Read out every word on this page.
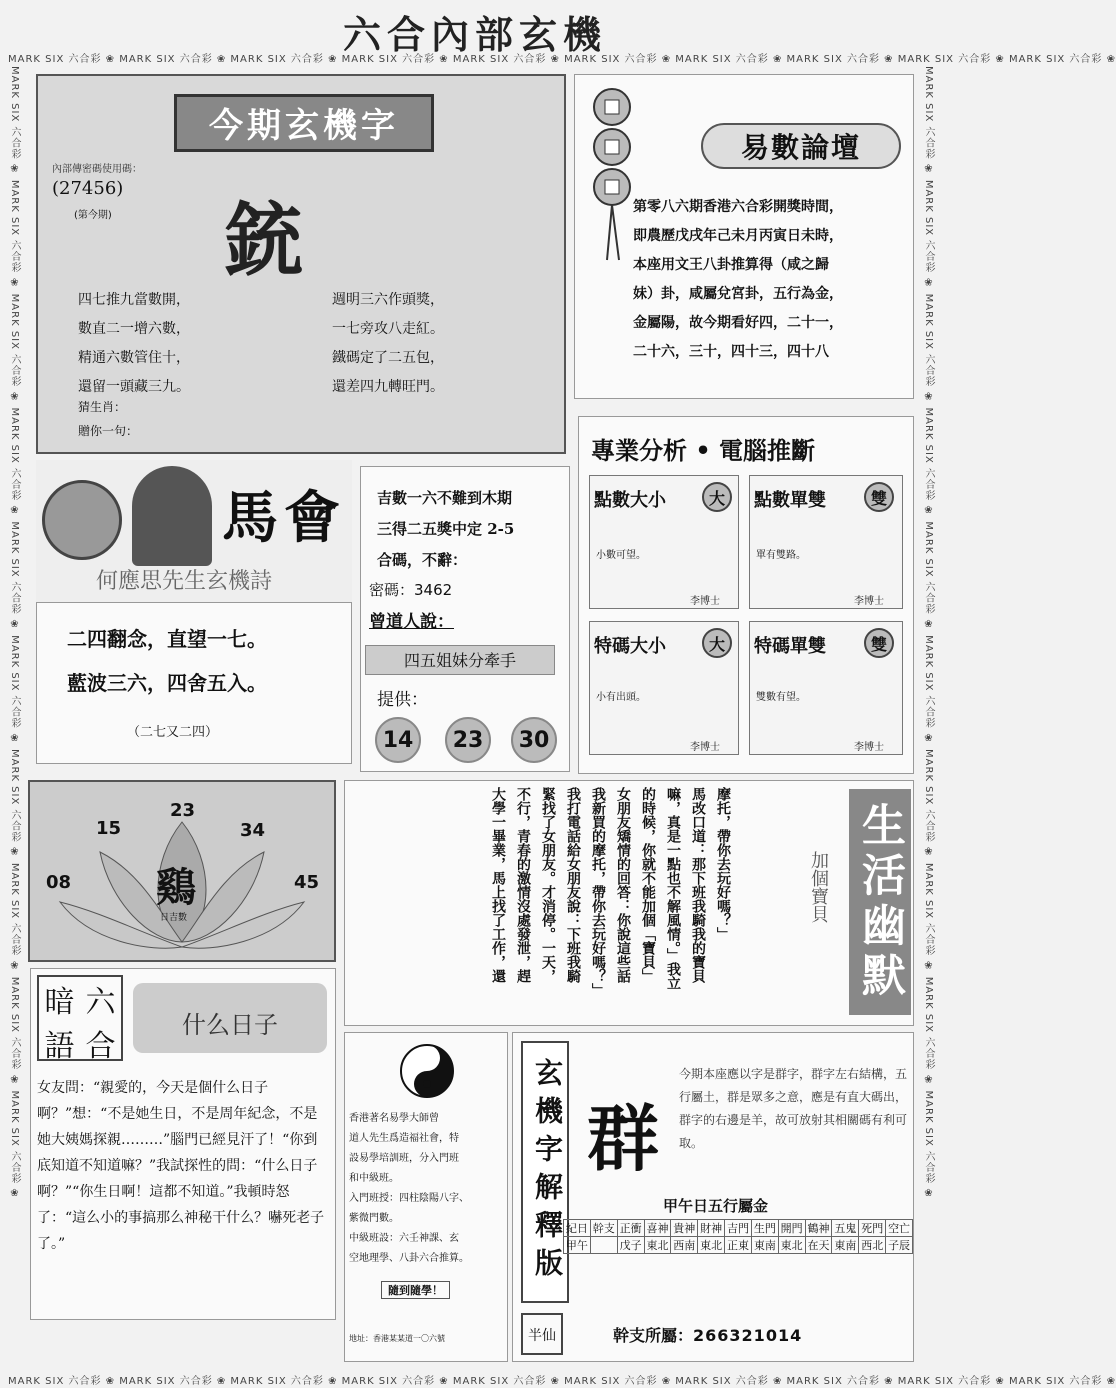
MARK SIX 六合彩 ❀ MARK SIX 六合彩 ❀ MARK SIX 六合彩 ❀ MARK SIX 六合彩 ❀ MARK SIX 六合彩 ❀ MARK SIX 六合彩 ❀ MARK SIX 六合彩 ❀ MARK SIX 六合彩 ❀ MARK SIX 六合彩 ❀ MARK SIX 六合彩 ❀
MARK SIX 六合彩 ❀ MARK SIX 六合彩 ❀ MARK SIX 六合彩 ❀ MARK SIX 六合彩 ❀ MARK SIX 六合彩 ❀ MARK SIX 六合彩 ❀ MARK SIX 六合彩 ❀ MARK SIX 六合彩 ❀ MARK SIX 六合彩 ❀ MARK SIX 六合彩 ❀
MARK SIX 六合彩 ❀ MARK SIX 六合彩 ❀ MARK SIX 六合彩 ❀ MARK SIX 六合彩 ❀ MARK SIX 六合彩 ❀ MARK SIX 六合彩 ❀ MARK SIX 六合彩 ❀ MARK SIX 六合彩 ❀ MARK SIX 六合彩 ❀ MARK SIX 六合彩 ❀	MARK SIX 六合彩 ❀ MARK SIX 六合彩 ❀ MARK SIX 六合彩 ❀ MARK SIX 六合彩 ❀ MARK SIX 六合彩 ❀ MARK SIX 六合彩 ❀ MARK SIX 六合彩 ❀ MARK SIX 六合彩 ❀ MARK SIX 六合彩 ❀ MARK SIX 六合彩 ❀
六合內部玄機
今期玄機字
內部傳密碼使用碼：
(27456)
(第今期) 銃
四七推九當數開，
數直二一增六數，
精通六數管住十，
還留一頭藏三九。
週明三六作頭獎，
一七旁攻八走紅。
鐵碼定了二五包，
還差四九轉旺門。
猜生肖：
贈你一句：
易數論壇
第零八六期香港六合彩開獎時間，
即農歷戊戌年己未月丙寅日未時，
本座用文王八卦推算得（咸之歸
妹）卦，咸屬兌宮卦，五行為金，
金屬陽，故今期看好四，二十一，
二十六，三十，四十三，四十八
馬會
何應思先生玄機詩
二四翻念，直望一七。
藍波三六，四舍五入。
（二七又二四）
吉數一六不難到木期
三得二五獎中定 2-5
合碼，不辭：
密碼：3462
曾道人說：
四五姐妹分牽手
提供：
14	23	30
專業分析 • 電腦推斷
點數大小	大
小數可望。
李博士
點數單雙	雙
單有雙路。
李博士
特碼大小	大
小有出頭。
李博士
特碼單雙	雙
雙數有望。
李博士
鷄
日吉數
08
15
23
34
45	摩托，帶你去玩好嗎？」
馬改口道：那下班我騎我的寶貝
嘛，真是一點也不解風情。」我立
的時候，你就不能加個「寶貝」
女朋友矯情的回答：你說這些話
我新買的摩托，帶你去玩好嗎？」
我打電話給女朋友說：下班我騎
緊找了女朋友。才消停。一天，
不行，青春的激情沒處發泄，趕
大學一畢業，馬上找了工作，還	加個寶貝 生活幽默
暗 六
語 合
什么日子
女友問：“親愛的，今天是個什么日子啊？”想：“不是她生日，不是周年紀念，不是她大姨媽探親………”腦門已經見汗了！“你到底知道不知道嘛？”我試探性的問：“什么日子啊？”“你生日啊！這都不知道。”我頓時怒了：“這么小的事搞那么神秘干什么？嚇死老子了。”
香港著名易學大師曾
道人先生爲造福社會，特
設易學培訓班，分入門班
和中級班。
入門班授：四柱陰陽八字、
紫微門數。
中級班設：六壬神課、玄
空地理學、八卦六合推算。
隨到隨學！
地址：香港某某道一〇六號
玄機字解釋版
半仙
群
今期本座應以字是群字，群字左右結構，五行屬土，群是眾多之意，應是有直大碼出，群字的右邊是羊，故可放射其相關碼有利可取。
甲午日五行屬金
紀日	幹支	正衝	喜神	貴神	財神	吉門	生門	開門	鶴神	五鬼	死門	空亡
甲午		戊子	東北	西南	東北	正東	東南	東北	在天	東南	西北	子辰
幹支所屬：266321014
